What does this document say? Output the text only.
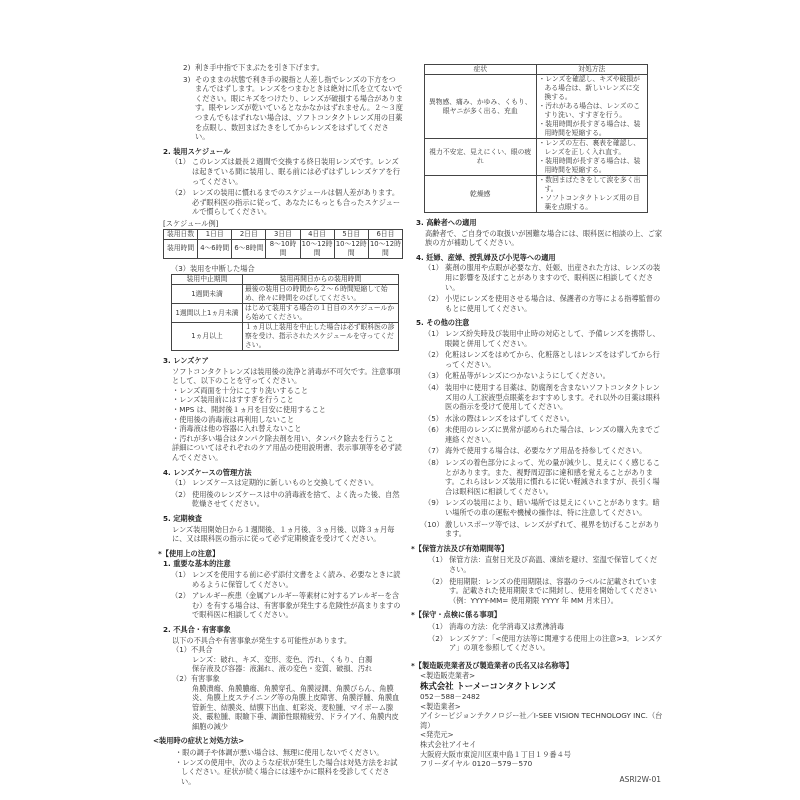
2) 利き手中指で下まぶたを引き下げます。

3) そのままの状態で利き手の親指と人差し指でレンズの下方をつまんではずします。レンズをつまむときは絶対に爪を立てないでください。眼にキズをつけたり、レンズが破損する場合があります。眼やレンズが乾いているとなかなかはずれません。２～３度つまんでもはずれない場合は、ソフトコンタクトレンズ用の目薬を点眼し、数回まばたきをしてからレンズをはずしてください。

2. 装用スケジュール

（1） このレンズは最長２週間で交換する終日装用レンズです。レンズは起きている間に装用し、眠る前には必ずはずしレンズケアを行ってください。

（2） レンズの装用に慣れるまでのスケジュールは個人差があります。必ず眼科医の指示に従って、あなたにもっとも合ったスケジュールで慣らしてください。

[スケジュール例]

装用日数	1日目	2日目	3日目	4日目	5日目	6日目
装用時間	4～6時間	6～8時間	8～10時間	10～12時間	10～12時間	10～12時間

（3）装用を中断した場合

装用中止期間	装用再開日からの装用時間
1週間未満	最後の装用日の時間から２～６時間短縮して始め、徐々に時間をのばしてください。
1週間以上1ヵ月未満	はじめて装用する場合の１日目のスケジュールから始めてください。
1ヵ月以上	１ヵ月以上装用を中止した場合は必ず眼科医の診察を受け、指示されたスケジュールを守ってください。

3. レンズケア

ソフトコンタクトレンズは装用後の洗浄と消毒が不可欠です。注意事項として、以下のことを守ってください。

・レンズ両面を十分にこすり洗いすること

・レンズ装用前にはすすぎを行うこと

・MPS は、開封後１ヵ月を目安に使用すること

・使用後の消毒液は再利用しないこと

・消毒液は他の容器に入れ替えないこと

・汚れが多い場合はタンパク除去剤を用い、タンパク除去を行うこと

詳細についてはそれぞれのケア用品の使用説明書、表示事項等を必ず読んでください。

4. レンズケースの管理方法

（1） レンズケースは定期的に新しいものと交換してください。

（2） 使用後のレンズケースは中の消毒液を捨て、よく洗った後、自然乾燥させてください。

5. 定期検査

レンズ装用開始日から１週間後、１ヵ月後、３ヵ月後、以降３ヵ月毎に、又は眼科医の指示に従って必ず定期検査を受けてください。

*【使用上の注意】

1. 重要な基本的注意

（1） レンズを使用する前に必ず添付文書をよく読み、必要なときに読めるように保管してください。

（2） アレルギー疾患（金属アレルギー等素材に対するアレルギーを含む）を有する場合は、有害事象が発生する危険性が高まりますので眼科医に相談してください。

2. 不具合・有害事象

以下の不具合や有害事象が発生する可能性があります。

（1）不具合

レンズ：破れ、キズ、変形、変色、汚れ、くもり、白濁

保存液及び容器：液漏れ、液の変色・変質、破損、汚れ

（2）有害事象

角膜潰瘍、角膜膿瘍、角膜穿孔、角膜浸潤、角膜びらん、角膜炎、角膜上皮ステイニング等の角膜上皮障害、角膜浮腫、角膜血管新生、結膜炎、結膜下出血、虹彩炎、麦粒腫、マイボーム腺炎、霰粒腫、眼瞼下垂、調節性眼精疲労、ドライアイ、角膜内皮細胞の減少

<装用時の症状と対処方法>

・眼の調子や体調が悪い場合は、無理に使用しないでください。

・レンズの使用中、次のような症状が発生した場合は対処方法をお試しください。症状が続く場合には速やかに眼科を受診してください。

症状	対処方法
異物感、痛み、かゆみ、くもり、眼ヤニが多く出る、充血	・レンズを確認し、キズや破損がある場合は、新しいレンズに交換する。
・汚れがある場合は、レンズのこすり洗い、すすぎを行う。
・装用時間が長すぎる場合は、装用時間を短縮する。

視力不安定、見えにくい、眼の疲れ	・レンズの左右、裏表を確認し、レンズを正しく入れ直す。
・装用時間が長すぎる場合は、装用時間を短縮する。

乾燥感	・数回まばたきをして涙を多く出す。
・ソフトコンタクトレンズ用の目薬を点眼する。

3. 高齢者への適用

高齢者で、ご自身での取扱いが困難な場合には、眼科医に相談の上、ご家族の方が補助してください。

4. 妊婦、産婦、授乳婦及び小児等への適用

（1） 薬剤の服用や点眼が必要な方、妊娠、出産された方は、レンズの装用に影響を及ぼすことがありますので、眼科医に相談してください。

（2） 小児にレンズを使用させる場合は、保護者の方等による指導監督のもとに使用してください。

5. その他の注意

（1） レンズ紛失時及び装用中止時の対応として、予備レンズを携帯し、眼鏡と併用してください。

（2） 化粧はレンズをはめてから、化粧落としはレンズをはずしてから行ってください。

（3） 化粧品等がレンズにつかないようにしてください。

（4） 装用中に使用する目薬は、防腐剤を含まないソフトコンタクトレンズ用の人工涙液型点眼薬をおすすめします。それ以外の目薬は眼科医の指示を受けて使用してください。

（5） 水泳の際はレンズをはずしてください。

（6） 未使用のレンズに異常が認められた場合は、レンズの購入先までご連絡ください。

（7） 海外で使用する場合は、必要なケア用品を持参してください。

（8） レンズの着色部分によって、光の量が減少し、見えにくく感じることがあります。また、視野周辺部に違和感を覚えることがあります。これらはレンズ装用に慣れるに従い軽減されますが、長引く場合は眼科医に相談してください。

（9） レンズの装用により、暗い場所では見えにくいことがあります。暗い場所での車の運転や機械の操作は、特に注意してください。

（10）激しいスポーツ等では、レンズがずれて、視界を妨げることがあります。

*【保管方法及び有効期間等】

（1） 保管方法：直射日光及び高温、凍結を避け、室温で保管してください。

（2） 使用期限：レンズの使用期限は、容器のラベルに記載されています。記載された使用期限までに開封し、使用を開始してください（例：YYYY-MM= 使用期限 YYYY 年 MM 月末日）。

*【保守・点検に係る事項】

（1） 消毒の方法：化学消毒又は煮沸消毒

（2） レンズケア：「<使用方法等に関連する使用上の注意>3．レンズケア」の項を参照してください。

*【製造販売業者及び製造業者の氏名又は名称等】

<製造販売業者>

株式会社 トーメーコンタクトレンズ

052－588－2482

<製造業者>

アイシービジョンテクノロジー社／I-SEE VISION TECHNOLOGY INC.（台湾）

<発売元>

株式会社アイセイ

大阪府大阪市東淀川区東中島１丁目１９番４号

フリーダイヤル 0120－579－570

ASRI2W-01
